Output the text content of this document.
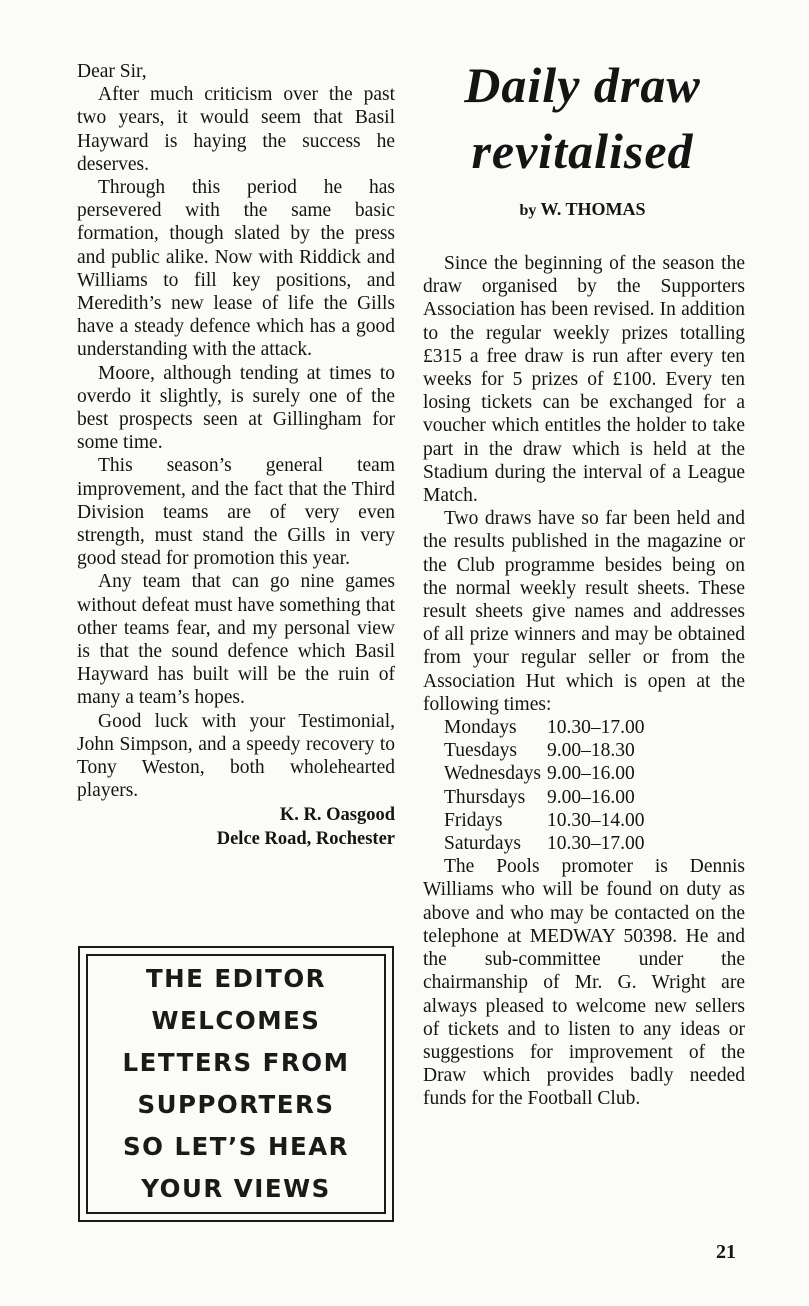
Dear Sir,

After much criticism over the past two years, it would seem that Basil Hayward is haying the success he deserves.

Through this period he has persevered with the same basic formation, though slated by the press and public alike. Now with Riddick and Williams to fill key positions, and Meredith’s new lease of life the Gills have a steady defence which has a good understanding with the attack.

Moore, although tending at times to overdo it slightly, is surely one of the best prospects seen at Gillingham for some time.

This season’s general team improvement, and the fact that the Third Division teams are of very even strength, must stand the Gills in very good stead for promotion this year.

Any team that can go nine games without defeat must have something that other teams fear, and my personal view is that the sound defence which Basil Hayward has built will be the ruin of many a team’s hopes.

Good luck with your Testimonial, John Simpson, and a speedy recovery to Tony Weston, both wholehearted players.

K. R. Oasgood

Delce Road, Rochester

THE EDITOR
WELCOMES
LETTERS FROM
SUPPORTERS
SO LET’S HEAR
YOUR VIEWS

Daily draw

revitalised

by W. THOMAS

Since the beginning of the season the draw organised by the Supporters Association has been revised. In addition to the regular weekly prizes totalling £315 a free draw is run after every ten weeks for 5 prizes of £100. Every ten losing tickets can be exchanged for a voucher which entitles the holder to take part in the draw which is held at the Stadium during the interval of a League Match.

Two draws have so far been held and the results published in the magazine or the Club programme besides being on the normal weekly result sheets. These result sheets give names and addresses of all prize winners and may be obtained from your regular seller or from the Association Hut which is open at the following times:

Mondays	10.30–17.00
Tuesdays	9.00–18.30
Wednesdays	9.00–16.00
Thursdays	9.00–16.00
Fridays	10.30–14.00
Saturdays	10.30–17.00

The Pools promoter is Dennis Williams who will be found on duty as above and who may be contacted on the telephone at MEDWAY 50398. He and the sub-committee under the chairmanship of Mr. G. Wright are always pleased to welcome new sellers of tickets and to listen to any ideas or suggestions for improvement of the Draw which provides badly needed funds for the Football Club.

21
